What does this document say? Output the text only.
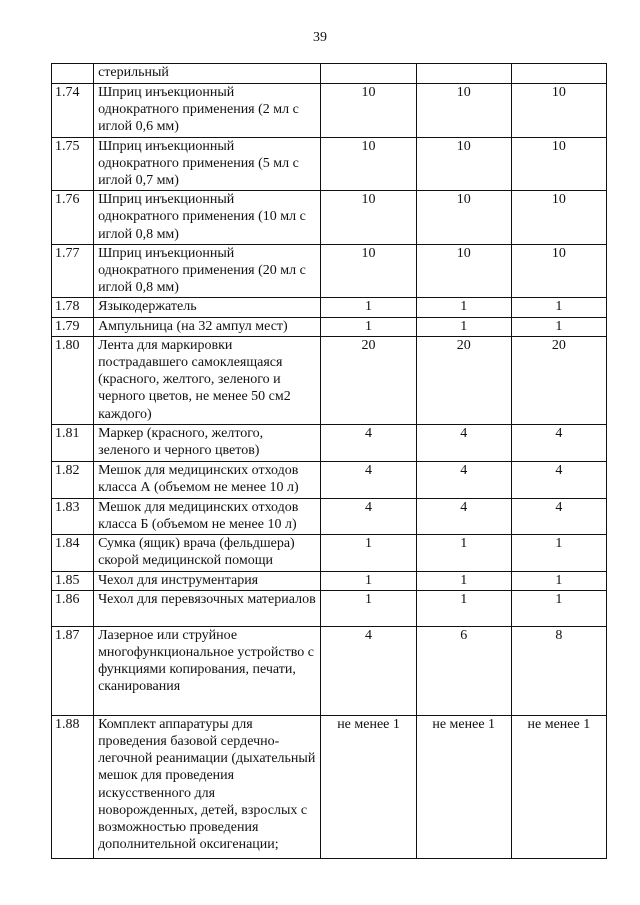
39
	стерильный			
1.74	Шприц инъекционный однократного применения (2 мл с иглой 0,6 мм)	10	10	10
1.75	Шприц инъекционный однократного применения (5 мл с иглой 0,7 мм)	10	10	10
1.76	Шприц инъекционный однократного применения (10 мл с иглой 0,8 мм)	10	10	10
1.77	Шприц инъекционный однократного применения (20 мл с иглой 0,8 мм)	10	10	10
1.78	Языкодержатель	1	1	1
1.79	Ампульница (на 32 ампул мест)	1	1	1
1.80	Лента для маркировки пострадавшего самоклеящаяся (красного, желтого, зеленого и черного цветов, не менее 50 см2 каждого)	20	20	20
1.81	Маркер (красного, желтого, зеленого и черного цветов)	4	4	4
1.82	Мешок для медицинских отходов класса А (объемом не менее 10 л)	4	4	4
1.83	Мешок для медицинских отходов класса Б (объемом не менее 10 л)	4	4	4
1.84	Сумка (ящик) врача (фельдшера) скорой медицинской помощи	1	1	1
1.85	Чехол для инструментария	1	1	1
1.86	Чехол для перевязочных материалов	1	1	1
1.87	Лазерное или струйное многофункциональное устройство с функциями копирования, печати, сканирования	4	6	8
1.88	Комплект аппаратуры для проведения базовой сердечно-легочной реанимации (дыхательный мешок для проведения искусственного для новорожденных, детей, взрослых с возможностью проведения дополнительной оксигенации;	не менее 1	не менее 1	не менее 1
